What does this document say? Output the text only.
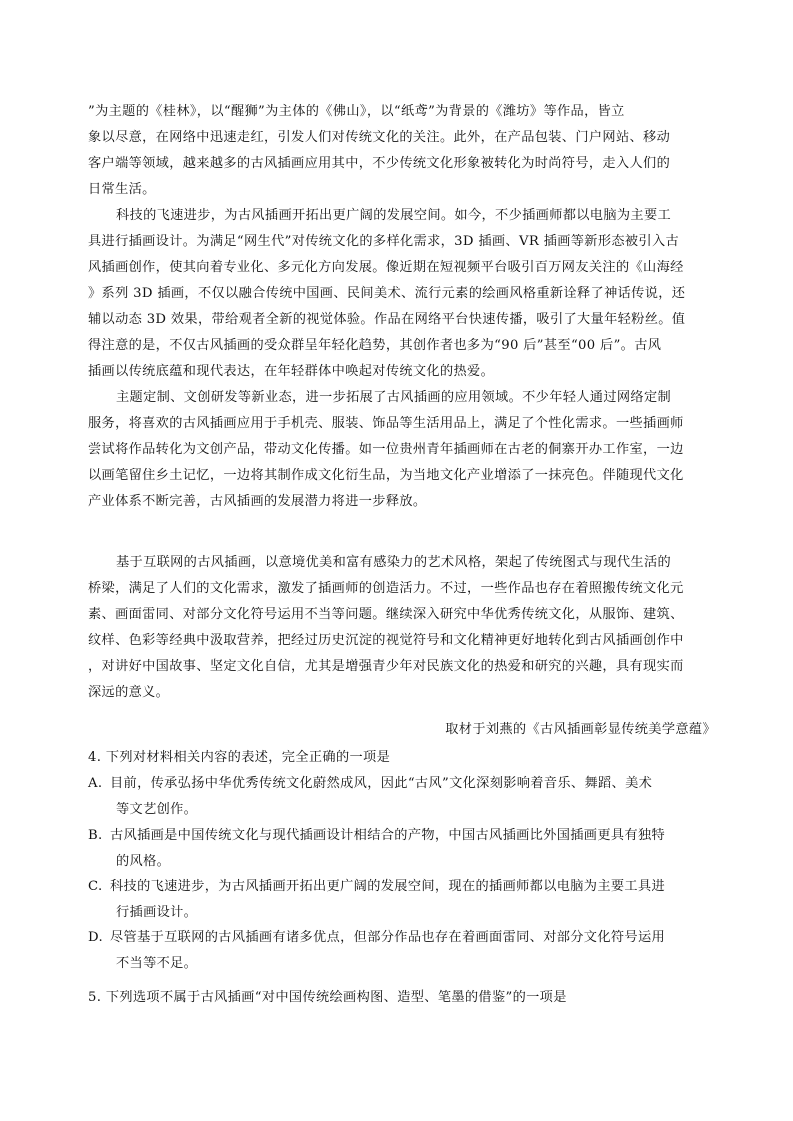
”为主题的《桂林》，以“醒狮”为主体的《佛山》，以“纸鸢”为背景的《潍坊》等作品，皆立
象以尽意，在网络中迅速走红，引发人们对传统文化的关注。此外，在产品包装、门户网站、移动
客户端等领域，越来越多的古风插画应用其中，不少传统文化形象被转化为时尚符号，走入人们的
日常生活。
科技的飞速进步，为古风插画开拓出更广阔的发展空间。如今，不少插画师都以电脑为主要工
具进行插画设计。为满足“网生代”对传统文化的多样化需求，3D 插画、VR 插画等新形态被引入古
风插画创作，使其向着专业化、多元化方向发展。像近期在短视频平台吸引百万网友关注的《山海经
》系列 3D 插画，不仅以融合传统中国画、民间美术、流行元素的绘画风格重新诠释了神话传说，还
辅以动态 3D 效果，带给观者全新的视觉体验。作品在网络平台快速传播，吸引了大量年轻粉丝。值
得注意的是，不仅古风插画的受众群呈年轻化趋势，其创作者也多为“90 后”甚至“00 后”。古风
插画以传统底蕴和现代表达，在年轻群体中唤起对传统文化的热爱。
主题定制、文创研发等新业态，进一步拓展了古风插画的应用领域。不少年轻人通过网络定制
服务，将喜欢的古风插画应用于手机壳、服装、饰品等生活用品上，满足了个性化需求。一些插画师
尝试将作品转化为文创产品，带动文化传播。如一位贵州青年插画师在古老的侗寨开办工作室，一边
以画笔留住乡土记忆，一边将其制作成文化衍生品，为当地文化产业增添了一抹亮色。伴随现代文化
产业体系不断完善，古风插画的发展潜力将进一步释放。
基于互联网的古风插画，以意境优美和富有感染力的艺术风格，架起了传统图式与现代生活的
桥梁，满足了人们的文化需求，激发了插画师的创造活力。不过，一些作品也存在着照搬传统文化元
素、画面雷同、对部分文化符号运用不当等问题。继续深入研究中华优秀传统文化，从服饰、建筑、
纹样、色彩等经典中汲取营养，把经过历史沉淀的视觉符号和文化精神更好地转化到古风插画创作中
，对讲好中国故事、坚定文化自信，尤其是增强青少年对民族文化的热爱和研究的兴趣，具有现实而
深远的意义。
取材于刘燕的《古风插画彰显传统美学意蕴》
4. 下列对材料相关内容的表述，完全正确的一项是
A. 目前，传承弘扬中华优秀传统文化蔚然成风，因此“古风”文化深刻影响着音乐、舞蹈、美术
等文艺创作。
B. 古风插画是中国传统文化与现代插画设计相结合的产物，中国古风插画比外国插画更具有独特
的风格。
C. 科技的飞速进步，为古风插画开拓出更广阔的发展空间，现在的插画师都以电脑为主要工具进
行插画设计。
D. 尽管基于互联网的古风插画有诸多优点，但部分作品也存在着画面雷同、对部分文化符号运用
不当等不足。
5. 下列选项不属于古风插画“对中国传统绘画构图、造型、笔墨的借鉴”的一项是
